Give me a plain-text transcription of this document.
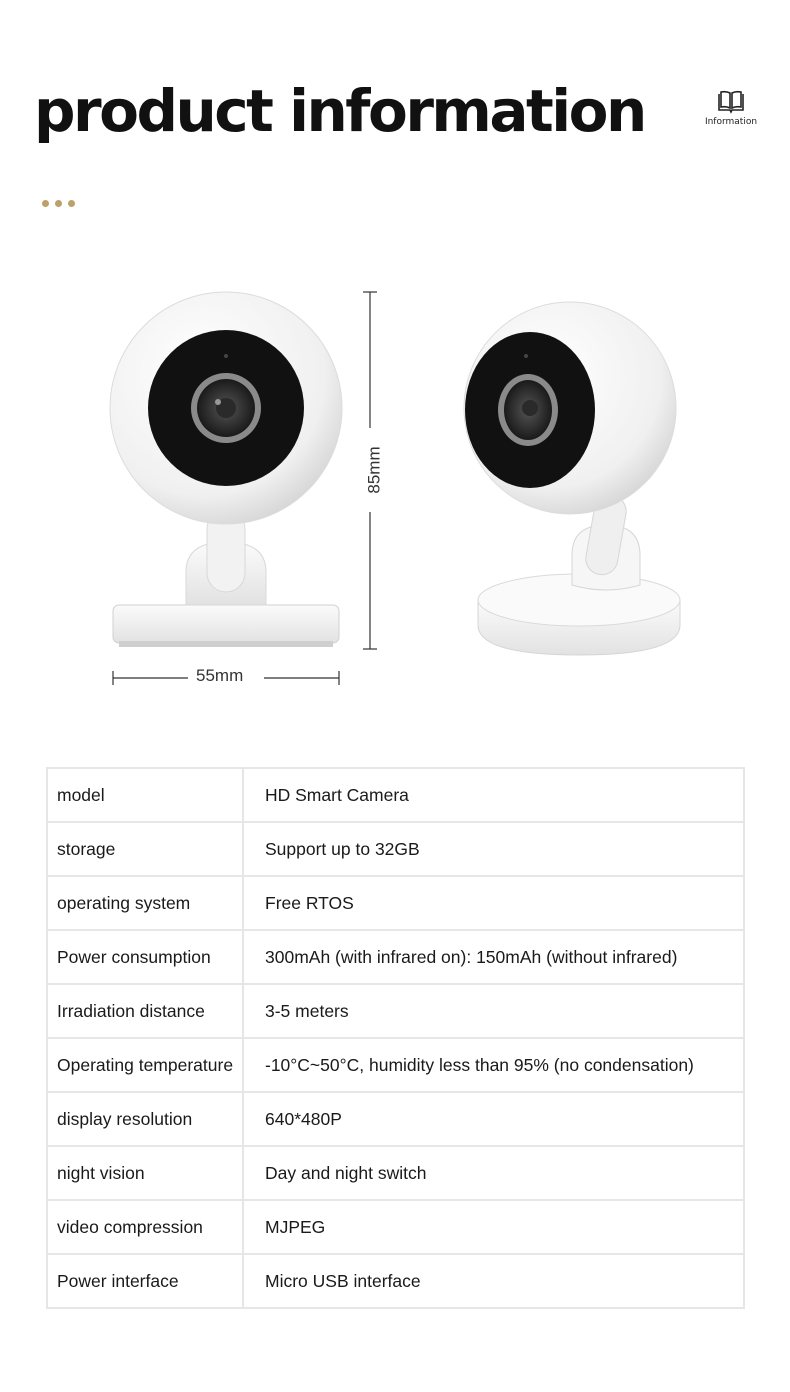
product information	Information
55mm
85mm
model	HD Smart Camera
storage	Support up to 32GB
operating system	Free RTOS
Power consumption	300mAh (with infrared on): 150mAh (without infrared)
Irradiation distance	3-5 meters
Operating temperature	-10°C~50°C, humidity less than 95% (no condensation)
display resolution	640*480P
night vision	Day and night switch
video compression	MJPEG
Power interface	Micro USB interface
